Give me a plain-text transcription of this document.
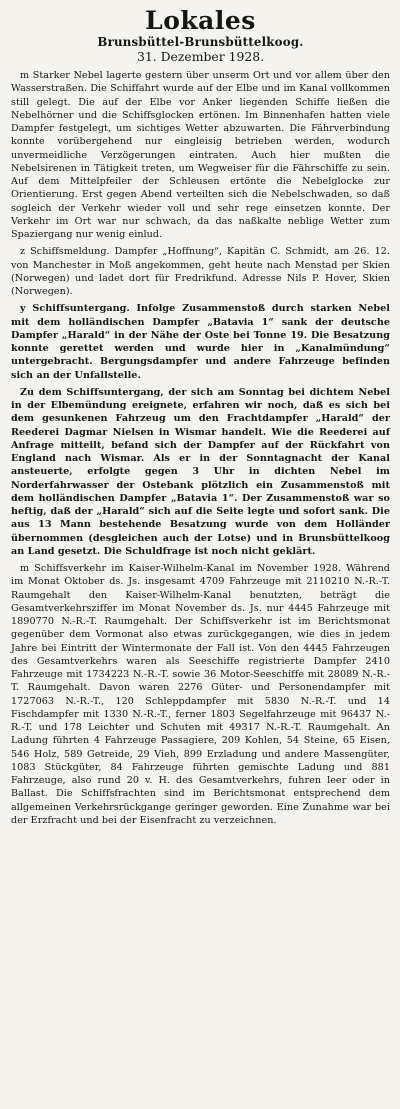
Lokales
Brunsbüttel-Brunsbüttelkoog.
31. Dezember 1928.

m Starker Nebel lagerte gestern über unserm Ort und vor allem über den Wasserstraßen. Die Schiffahrt wurde auf der Elbe und im Kanal vollkommen still gelegt. Die auf der Elbe vor Anker liegenden Schiffe ließen die Nebelhörner und die Schiffsglocken ertönen. Im Binnenhafen hatten viele Dampfer festgelegt, um sichtiges Wetter abzuwarten. Die Fährverbindung konnte vorübergehend nur eingleisig betrieben werden, wodurch unvermeidliche Verzögerungen eintraten. Auch hier mußten die Nebelsirenen in Tätigkeit treten, um Wegweiser für die Fährschiffe zu sein. Auf dem Mittelpfeiler der Schleusen ertönte die Nebelglocke zur Orientierung. Erst gegen Abend verteilten sich die Nebelschwaden, so daß sogleich der Verkehr wieder voll und sehr rege einsetzen konnte. Der Verkehr im Ort war nur schwach, da das naßkalte neblige Wetter zum Spaziergang nur wenig einlud.

z Schiffsmeldung. Dampfer „Hoffnung“, Kapitän C. Schmidt, am 26. 12. von Manchester in Moß angekommen, geht heute nach Menstad per Skien (Norwegen) und ladet dort für Fredrikfund. Adresse Nils P. Hover, Skien (Norwegen).

y Schiffsuntergang. Infolge Zusammenstoß durch starken Nebel mit dem holländischen Dampfer „Batavia 1“ sank der deutsche Dampfer „Harald“ in der Nähe der Oste bei Tonne 19. Die Besatzung konnte gerettet werden und wurde hier in „Kanalmündung“ untergebracht. Bergungsdampfer und andere Fahrzeuge befinden sich an der Unfallstelle.

Zu dem Schiffsuntergang, der sich am Sonntag bei dichtem Nebel in der Elbemündung ereignete, erfahren wir noch, daß es sich bei dem gesunkenen Fahrzeug um den Frachtdampfer „Harald“ der Reederei Dagmar Nielsen in Wismar handelt. Wie die Reederei auf Anfrage mitteilt, befand sich der Dampfer auf der Rückfahrt von England nach Wismar. Als er in der Sonntagnacht der Kanal ansteuerte, erfolgte gegen 3 Uhr in dichten Nebel im Norderfahrwasser der Ostebank plötzlich ein Zusammenstoß mit dem holländischen Dampfer „Batavia 1“. Der Zusammenstoß war so heftig, daß der „Harald“ sich auf die Seite legte und sofort sank. Die aus 13 Mann bestehende Besatzung wurde von dem Holländer übernommen (desgleichen auch der Lotse) und in Brunsbüttelkoog an Land gesetzt. Die Schuldfrage ist noch nicht geklärt.

m Schiffsverkehr im Kaiser-Wilhelm-Kanal im November 1928. Während im Monat Oktober ds. Js. insgesamt 4709 Fahrzeuge mit 2110210 N.-R.-T. Raumgehalt den Kaiser-Wilhelm-Kanal benutzten, beträgt die Gesamtverkehrsziffer im Monat November ds. Js. nur 4445 Fahrzeuge mit 1890770 N.-R.-T. Raumgehalt. Der Schiffsverkehr ist im Berichtsmonat gegenüber dem Vormonat also etwas zurückgegangen, wie dies in jedem Jahre bei Eintritt der Wintermonate der Fall ist. Von den 4445 Fahrzeugen des Gesamtverkehrs waren als Seeschiffe registrierte Dampfer 2410 Fahrzeuge mit 1734223 N.-R.-T. sowie 36 Motor-Seeschiffe mit 28089 N.-R.-T. Raumgehalt. Davon waren 2276 Güter- und Personendampfer mit 1727063 N.-R.-T., 120 Schleppdampfer mit 5830 N.-R.-T. und 14 Fischdampfer mit 1330 N.-R.-T., ferner 1803 Segelfahrzeuge mit 96437 N.-R.-T. und 178 Leichter und Schuten mit 49317 N.-R.-T. Raumgehalt. An Ladung führten 4 Fahrzeuge Passagiere, 209 Kohlen, 54 Steine, 65 Eisen, 546 Holz, 589 Getreide, 29 Vieh, 899 Erzladung und andere Massengüter, 1083 Stückgüter, 84 Fahrzeuge führten gemischte Ladung und 881 Fahrzeuge, also rund 20 v. H. des Gesamtverkehrs, fuhren leer oder in Ballast. Die Schiffsfrachten sind im Berichtsmonat entsprechend dem allgemeinen Verkehrsrückgange geringer geworden. Eine Zunahme war bei der Erzfracht und bei der Eisenfracht zu verzeichnen.
